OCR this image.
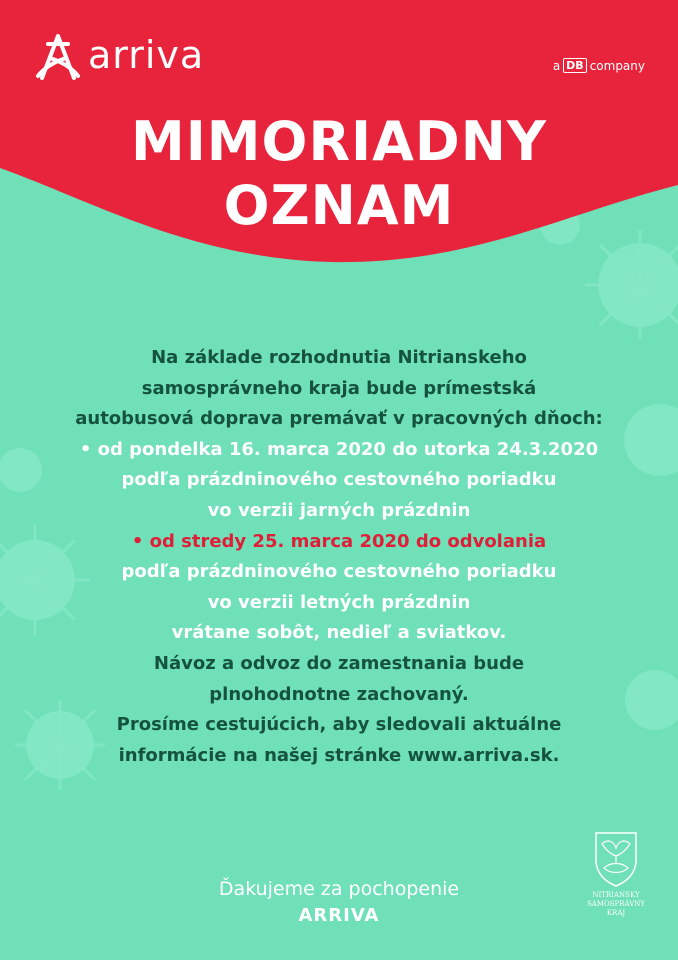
arriva	a DB company
MIMORIADNY
OZNAM
Na základe rozhodnutia Nitrianskeho
samosprávneho kraja bude prímestská
autobusová doprava premávať v pracovných dňoch:
• od pondelka 16. marca 2020 do utorka 24.3.2020
podľa prázdninového cestovného poriadku
vo verzii jarných prázdnin
• od stredy 25. marca 2020 do odvolania
podľa prázdninového cestovného poriadku
vo verzii letných prázdnin
vrátane sobôt, nedieľ a sviatkov.
Návoz a odvoz do zamestnania bude
plnohodnotne zachovaný.
Prosíme cestujúcich, aby sledovali aktuálne
informácie na našej stránke www.arriva.sk.
Ďakujeme za pochopenie
ARRIVA
NITRIANSKY
SAMOSPRÁVNY
KRAJ
